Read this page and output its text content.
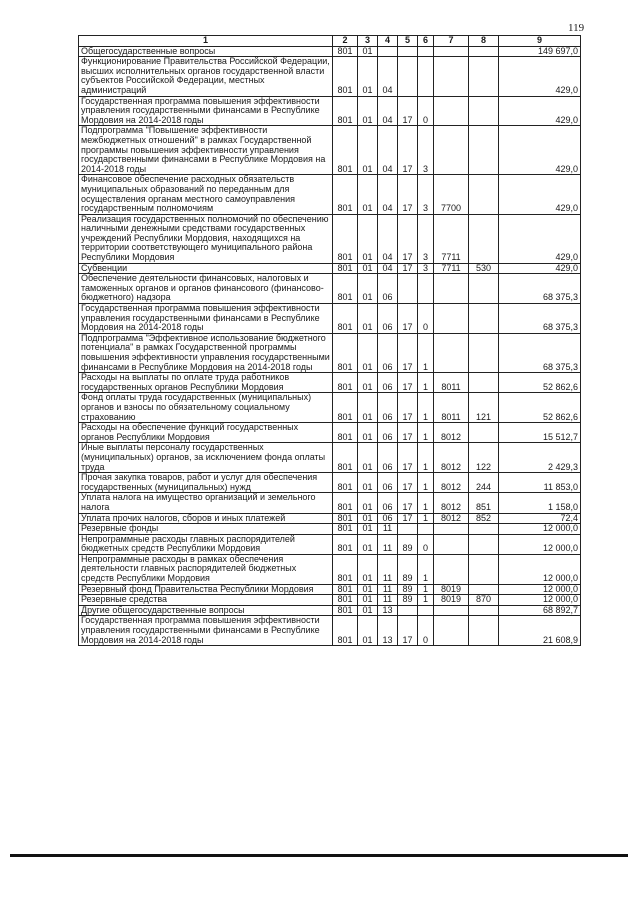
119
1	2	3	4	5	6	7	8	9
Общегосударственные вопросы	801	01						149 697,0
Функционирование Правительства Российской Федерации, высших исполнительных органов государственной власти субъектов Российской Федерации, местных администраций	801	01	04					429,0
Государственная программа повышения эффективности управления государственными финансами в Республике Мордовия на 2014-2018 годы	801	01	04	17	0			429,0
Подпрограмма "Повышение эффективности межбюджетных отношений" в рамках Государственной программы повышения эффективности управления государственными финансами в Республике Мордовия на 2014-2018 годы	801	01	04	17	3			429,0
Финансовое обеспечение расходных обязательств муниципальных образований по переданным для осуществления органам местного самоуправления государственным полномочиям	801	01	04	17	3	7700		429,0
Реализация государственных полномочий по обеспечению наличными денежными средствами государственных учреждений Республики Мордовия, находящихся на территории соответствующего муниципального района Республики Мордовия	801	01	04	17	3	7711		429,0
Субвенции	801	01	04	17	3	7711	530	429,0
Обеспечение деятельности финансовых, налоговых и таможенных органов и органов финансового (финансово-бюджетного) надзора	801	01	06					68 375,3
Государственная программа повышения эффективности управления государственными финансами в Республике Мордовия на 2014-2018 годы	801	01	06	17	0			68 375,3
Подпрограмма "Эффективное использование бюджетного потенциала" в рамках Государственной программы повышения эффективности управления государственными финансами в Республике Мордовия на 2014-2018 годы	801	01	06	17	1			68 375,3
Расходы на выплаты по оплате труда работников государственных органов Республики Мордовия	801	01	06	17	1	8011		52 862,6
Фонд оплаты труда государственных (муниципальных) органов и взносы по обязательному социальному страхованию	801	01	06	17	1	8011	121	52 862,6
Расходы на обеспечение функций государственных органов Республики Мордовия	801	01	06	17	1	8012		15 512,7
Иные выплаты персоналу государственных (муниципальных) органов, за исключением фонда оплаты труда	801	01	06	17	1	8012	122	2 429,3
Прочая закупка товаров, работ и услуг для обеспечения государственных (муниципальных) нужд	801	01	06	17	1	8012	244	11 853,0
Уплата налога на имущество организаций и земельного налога	801	01	06	17	1	8012	851	1 158,0
Уплата прочих налогов, сборов и иных платежей	801	01	06	17	1	8012	852	72,4
Резервные фонды	801	01	11					12 000,0
Непрограммные расходы главных распорядителей бюджетных средств Республики Мордовия	801	01	11	89	0			12 000,0
Непрограммные расходы в рамках обеспечения деятельности главных распорядителей бюджетных средств Республики Мордовия	801	01	11	89	1			12 000,0
Резервный фонд Правительства Республики Мордовия	801	01	11	89	1	8019		12 000,0
Резервные средства	801	01	11	89	1	8019	870	12 000,0
Другие общегосударственные вопросы	801	01	13					68 892,7
Государственная программа повышения эффективности управления государственными финансами в Республике Мордовия на 2014-2018 годы	801	01	13	17	0			21 608,9
